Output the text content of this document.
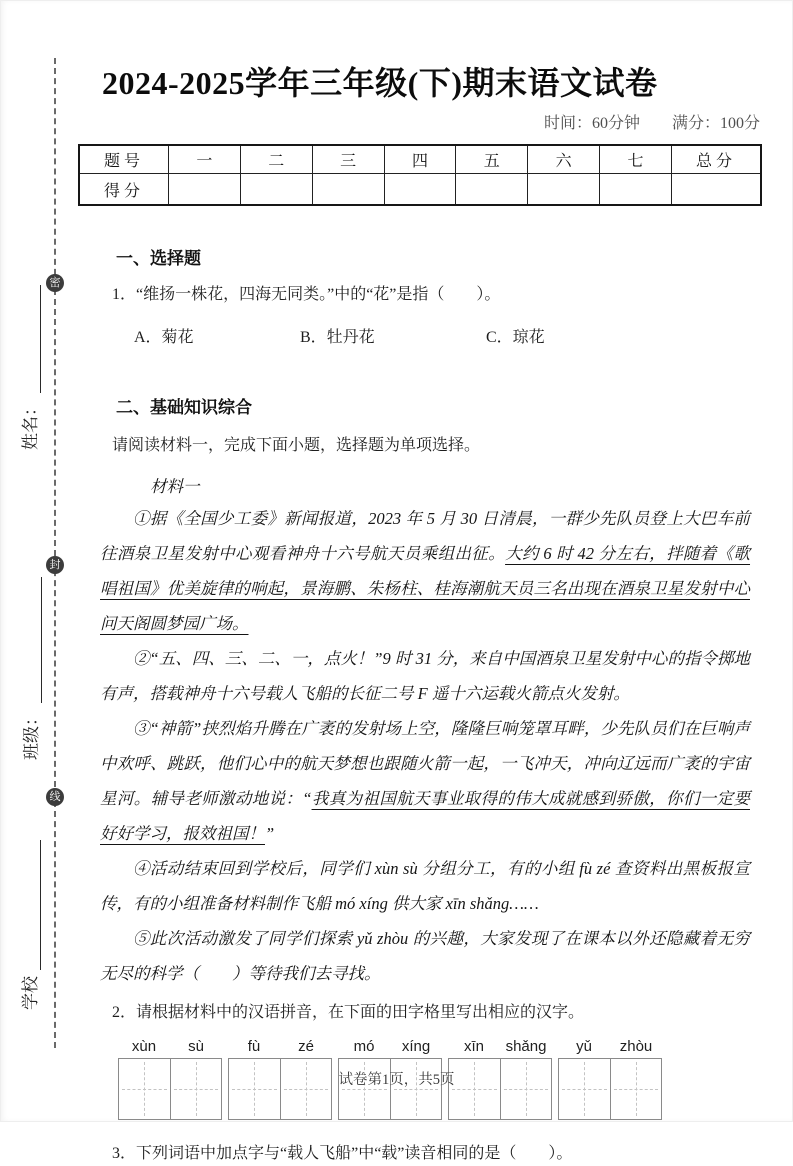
密
封
线
姓名：
班级：
学校
2024-2025学年三年级(下)期末语文试卷
时间：60分钟 满分：100分
题号	一	二	三	四	五	六	七	总分
得分								
一、选择题
1．“维扬一株花，四海无同类。”中的“花”是指（　　）。
A．菊花	B．牡丹花	C．琼花
二、基础知识综合
请阅读材料一，完成下面小题，选择题为单项选择。
材料一
①据《全国少工委》新闻报道，2023 年 5 月 30 日清晨，一群少先队员登上大巴车前往酒泉卫星发射中心观看神舟十六号航天员乘组出征。大约 6 时 42 分左右，拌随着《歌唱祖国》优美旋律的响起，景海鹏、朱杨柱、桂海潮航天员三名出现在酒泉卫星发射中心问天阁圆梦园广场。
②“五、四、三、二、一，点火！”9 时 31 分，来自中国酒泉卫星发射中心的指令掷地有声，搭载神舟十六号载人飞船的长征二号 F 遥十六运载火箭点火发射。
③“神箭”挟烈焰升腾在广袤的发射场上空，隆隆巨响笼罩耳畔，少先队员们在巨响声中欢呼、跳跃，他们心中的航天梦想也跟随火箭一起，一飞冲天，冲向辽远而广袤的宇宙星河。辅导老师激动地说：“我真为祖国航天事业取得的伟大成就感到骄傲，你们一定要好好学习，报效祖国！”
④活动结束回到学校后，同学们 xùn sù 分组分工，有的小组 fù zé 查资料出黑板报宣传，有的小组准备材料制作飞船 mó xíng 供大家 xīn shǎng……
⑤此次活动激发了同学们探索 yǔ zhòu 的兴趣，大家发现了在课本以外还隐藏着无穷无尽的科学（　　）等待我们去寻找。
2．请根据材料中的汉语拼音，在下面的田字格里写出相应的汉字。
xùn	sù	fù	zé	mó	xíng	xīn	shǎng	yǔ	zhòu
3．下列词语中加点字与“载人飞船”中“载”读音相同的是（　　）。
试卷第1页，共5页
